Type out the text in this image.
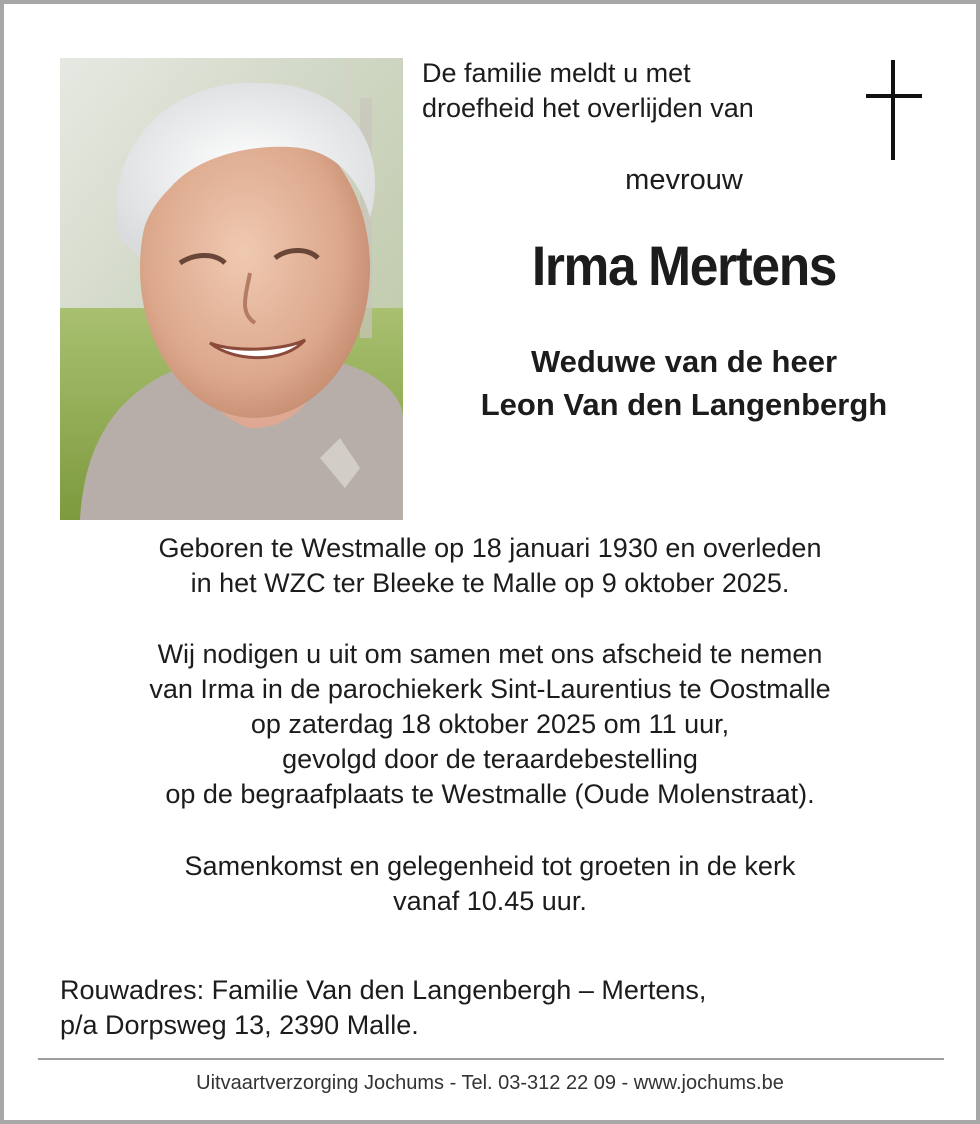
De familie meldt u met
droefheid het overlijden van
mevrouw
Irma Mertens
Weduwe van de heer
Leon Van den Langenbergh
Geboren te Westmalle op 18 januari 1930 en overleden
in het WZC ter Bleeke te Malle op 9 oktober 2025.
Wij nodigen u uit om samen met ons afscheid te nemen
van Irma in de parochiekerk Sint-Laurentius te Oostmalle
op zaterdag 18 oktober 2025 om 11 uur,
gevolgd door de teraardebestelling
op de begraafplaats te Westmalle (Oude Molenstraat).
Samenkomst en gelegenheid tot groeten in de kerk
vanaf 10.45 uur.
Rouwadres: Familie Van den Langenbergh – Mertens,
p/a Dorpsweg 13, 2390 Malle.
Uitvaartverzorging Jochums - Tel. 03-312 22 09 - www.jochums.be
